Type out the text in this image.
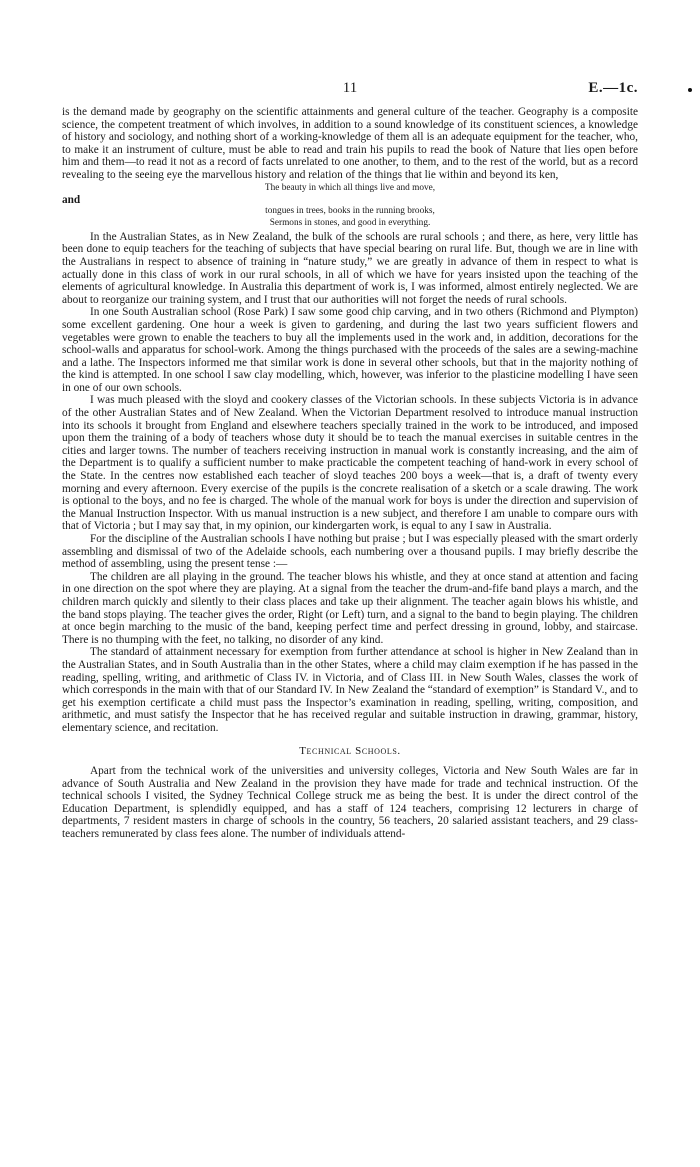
11	E.—1c.

is the demand made by geography on the scientific attainments and general culture of the teacher. Geography is a composite science, the competent treatment of which involves, in addition to a sound knowledge of its constituent sciences, a knowledge of history and sociology, and nothing short of a working-knowledge of them all is an adequate equipment for the teacher, who, to make it an instrument of culture, must be able to read and train his pupils to read the book of Nature that lies open before him and them—to read it not as a record of facts unrelated to one another, to them, and to the rest of the world, but as a record revealing to the seeing eye the marvellous history and relation of the things that lie within and beyond its ken,

The beauty in which all things live and move,

and

tongues in trees, books in the running brooks,

Sermons in stones, and good in everything.

In the Australian States, as in New Zealand, the bulk of the schools are rural schools ; and there, as here, very little has been done to equip teachers for the teaching of subjects that have special bearing on rural life. But, though we are in line with the Australians in respect to absence of training in “nature study,” we are greatly in advance of them in respect to what is actually done in this class of work in our rural schools, in all of which we have for years insisted upon the teaching of the elements of agricultural knowledge. In Australia this department of work is, I was informed, almost entirely neglected. We are about to reorganize our training system, and I trust that our authorities will not forget the needs of rural schools.

In one South Australian school (Rose Park) I saw some good chip carving, and in two others (Richmond and Plympton) some excellent gardening. One hour a week is given to gardening, and during the last two years sufficient flowers and vegetables were grown to enable the teachers to buy all the implements used in the work and, in addition, decorations for the school-walls and apparatus for school-work. Among the things purchased with the proceeds of the sales are a sewing-machine and a lathe. The Inspectors informed me that similar work is done in several other schools, but that in the majority nothing of the kind is attempted. In one school I saw clay modelling, which, however, was inferior to the plasticine modelling I have seen in one of our own schools.

I was much pleased with the sloyd and cookery classes of the Victorian schools. In these subjects Victoria is in advance of the other Australian States and of New Zealand. When the Victorian Department resolved to introduce manual instruction into its schools it brought from England and elsewhere teachers specially trained in the work to be introduced, and imposed upon them the training of a body of teachers whose duty it should be to teach the manual exercises in suitable centres in the cities and larger towns. The number of teachers receiving instruction in manual work is constantly increasing, and the aim of the Department is to qualify a sufficient number to make practicable the competent teaching of hand-work in every school of the State. In the centres now established each teacher of sloyd teaches 200 boys a week—that is, a draft of twenty every morning and every afternoon. Every exercise of the pupils is the concrete realisation of a sketch or a scale drawing. The work is optional to the boys, and no fee is charged. The whole of the manual work for boys is under the direction and supervision of the Manual Instruction Inspector. With us manual instruction is a new subject, and therefore I am unable to compare ours with that of Victoria ; but I may say that, in my opinion, our kindergarten work, is equal to any I saw in Australia.

For the discipline of the Australian schools I have nothing but praise ; but I was especially pleased with the smart orderly assembling and dismissal of two of the Adelaide schools, each numbering over a thousand pupils. I may briefly describe the method of assembling, using the present tense :—

The children are all playing in the ground. The teacher blows his whistle, and they at once stand at attention and facing in one direction on the spot where they are playing. At a signal from the teacher the drum-and-fife band plays a march, and the children march quickly and silently to their class places and take up their alignment. The teacher again blows his whistle, and the band stops playing. The teacher gives the order, Right (or Left) turn, and a signal to the band to begin playing. The children at once begin marching to the music of the band, keeping perfect time and perfect dressing in ground, lobby, and staircase. There is no thumping with the feet, no talking, no disorder of any kind.

The standard of attainment necessary for exemption from further attendance at school is higher in New Zealand than in the Australian States, and in South Australia than in the other States, where a child may claim exemption if he has passed in the reading, spelling, writing, and arithmetic of Class IV. in Victoria, and of Class III. in New South Wales, classes the work of which corresponds in the main with that of our Standard IV. In New Zealand the “standard of exemption” is Standard V., and to get his exemption certificate a child must pass the Inspector’s examination in reading, spelling, writing, composition, and arithmetic, and must satisfy the Inspector that he has received regular and suitable instruction in drawing, grammar, history, elementary science, and recitation.

Technical Schools.

Apart from the technical work of the universities and university colleges, Victoria and New South Wales are far in advance of South Australia and New Zealand in the provision they have made for trade and technical instruction. Of the technical schools I visited, the Sydney Technical College struck me as being the best. It is under the direct control of the Education Department, is splendidly equipped, and has a staff of 124 teachers, comprising 12 lecturers in charge of departments, 7 resident masters in charge of schools in the country, 56 teachers, 20 salaried assistant teachers, and 29 class-teachers remunerated by class fees alone. The number of individuals attend-
